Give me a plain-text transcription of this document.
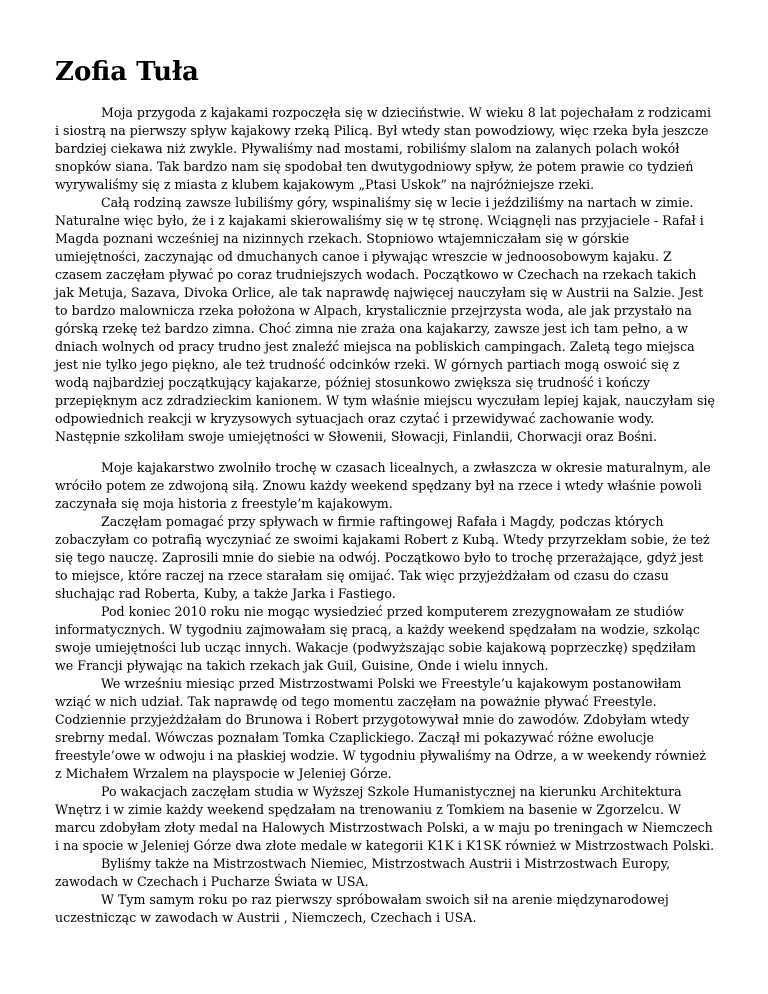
Zofia Tuła

Moja przygoda z kajakami rozpoczęła się w dzieciństwie. W wieku 8 lat pojechałam z rodzicami i siostrą na pierwszy spływ kajakowy rzeką Pilicą. Był wtedy stan powodziowy, więc rzeka była jeszcze bardziej ciekawa niż zwykle. Pływaliśmy nad mostami, robiliśmy slalom na zalanych polach wokół snopków siana. Tak bardzo nam się spodobał ten dwutygodniowy spływ, że potem prawie co tydzień wyrywaliśmy się z miasta z klubem kajakowym „Ptasi Uskok” na najróżniejsze rzeki.

Całą rodziną zawsze lubiliśmy góry, wspinaliśmy się w lecie i jeździliśmy na nartach w zimie. Naturalne więc było, że i z kajakami skierowaliśmy się w tę stronę. Wciągnęli nas przyjaciele - Rafał i Magda poznani wcześniej na nizinnych rzekach. Stopniowo wtajemniczałam się w górskie umiejętności, zaczynając od dmuchanych canoe i pływając wreszcie w jednoosobowym kajaku. Z czasem zaczęłam pływać po coraz trudniejszych wodach. Początkowo w Czechach na rzekach takich jak Metuja, Sazava, Divoka Orlice, ale tak naprawdę najwięcej nauczyłam się w Austrii na Salzie. Jest to bardzo malownicza rzeka położona w Alpach, krystalicznie przejrzysta woda, ale jak przystało na górską rzekę też bardzo zimna. Choć zimna nie zraża ona kajakarzy, zawsze jest ich tam pełno, a w dniach wolnych od pracy trudno jest znaleźć miejsca na pobliskich campingach. Zaletą tego miejsca jest nie tylko jego piękno, ale też trudność odcinków rzeki. W górnych partiach mogą oswoić się z wodą najbardziej początkujący kajakarze, później stosunkowo zwiększa się trudność i kończy przepięknym acz zdradzieckim kanionem. W tym właśnie miejscu wyczułam lepiej kajak, nauczyłam się odpowiednich reakcji w kryzysowych sytuacjach oraz czytać i przewidywać zachowanie wody. Następnie szkoliłam swoje umiejętności w Słowenii, Słowacji, Finlandii, Chorwacji oraz Bośni.

Moje kajakarstwo zwolniło trochę w czasach licealnych, a zwłaszcza w okresie maturalnym, ale wróciło potem ze zdwojoną siłą. Znowu każdy weekend spędzany był na rzece i wtedy właśnie powoli zaczynała się moja historia z freestyle’m kajakowym.

Zaczęłam pomagać przy spływach w firmie raftingowej Rafała i Magdy, podczas których zobaczyłam co potrafią wyczyniać ze swoimi kajakami Robert z Kubą. Wtedy przyrzekłam sobie, że też się tego nauczę. Zaprosili mnie do siebie na odwój. Początkowo było to trochę przerażające, gdyż jest to miejsce, które raczej na rzece starałam się omijać. Tak więc przyjeżdżałam od czasu do czasu słuchając rad Roberta, Kuby, a także Jarka i Fastiego.

Pod koniec 2010 roku nie mogąc wysiedzieć przed komputerem zrezygnowałam ze studiów informatycznych. W tygodniu zajmowałam się pracą, a każdy weekend spędzałam na wodzie, szkoląc swoje umiejętności lub ucząc innych. Wakacje (podwyższając sobie kajakową poprzeczkę) spędziłam we Francji pływając na takich rzekach jak Guil, Guisine, Onde i wielu innych.

We wrześniu miesiąc przed Mistrzostwami Polski we Freestyle’u kajakowym postanowiłam wziąć w nich udział. Tak naprawdę od tego momentu zaczęłam na poważnie pływać Freestyle. Codziennie przyjeżdżałam do Brunowa i Robert przygotowywał mnie do zawodów. Zdobyłam wtedy srebrny medal. Wówczas poznałam Tomka Czaplickiego. Zaczął mi pokazywać różne ewolucje freestyle’owe w odwoju i na płaskiej wodzie. W tygodniu pływaliśmy na Odrze, a w weekendy również z Michałem Wrzalem na playspocie w Jeleniej Górze.

Po wakacjach zaczęłam studia w Wyższej Szkole Humanistycznej na kierunku Architektura Wnętrz i w zimie każdy weekend spędzałam na trenowaniu z Tomkiem na basenie w Zgorzelcu. W marcu zdobyłam złoty medal na Halowych Mistrzostwach Polski, a w maju po treningach w Niemczech i na spocie w Jeleniej Górze dwa złote medale w kategorii K1K i K1SK również w Mistrzostwach Polski.

Byliśmy także na Mistrzostwach Niemiec, Mistrzostwach Austrii i Mistrzostwach Europy, zawodach w Czechach i Pucharze Świata w USA.

W Tym samym roku po raz pierwszy spróbowałam swoich sił na arenie międzynarodowej uczestnicząc w zawodach w Austrii , Niemczech, Czechach i USA.
